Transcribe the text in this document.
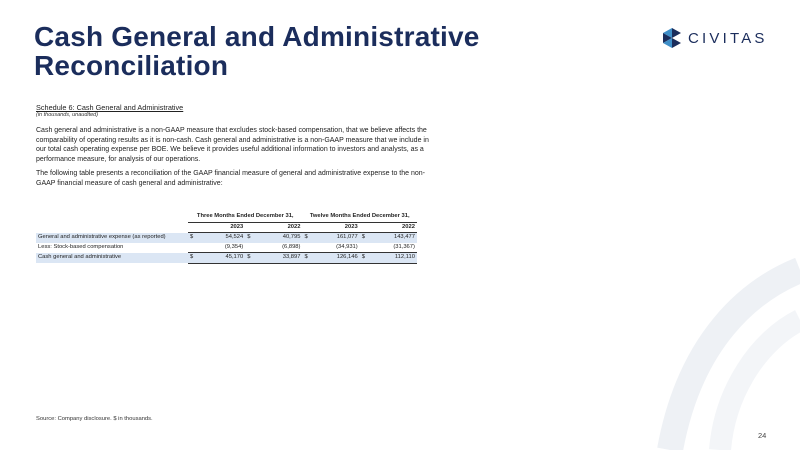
Cash General and Administrative Reconciliation
CIVITAS

Schedule 6: Cash General and Administrative

(in thousands, unaudited)

Cash general and administrative is a non-GAAP measure that excludes stock-based compensation, that we believe affects the comparability of operating results as it is non-cash. Cash general and administrative is a non-GAAP measure that we include in our total cash operating expense per BOE. We believe it provides useful additional information to investors and analysts, as a performance measure, for analysis of our operations.

The following table presents a reconciliation of the GAAP financial measure of general and administrative expense to the non-GAAP financial measure of cash general and administrative:

	Three Months Ended December 31,				Twelve Months Ended December 31,			
	2023		2022		2023		2022	
General and administrative expense (as reported)	$	54,524	$	40,795	$	161,077	$	143,477
Less: Stock-based compensation		(9,354)		(6,898)		(34,931)		(31,367)
Cash general and administrative	$	45,170	$	33,897	$	126,146	$	112,110

Source: Company disclosure. $ in thousands.

24
